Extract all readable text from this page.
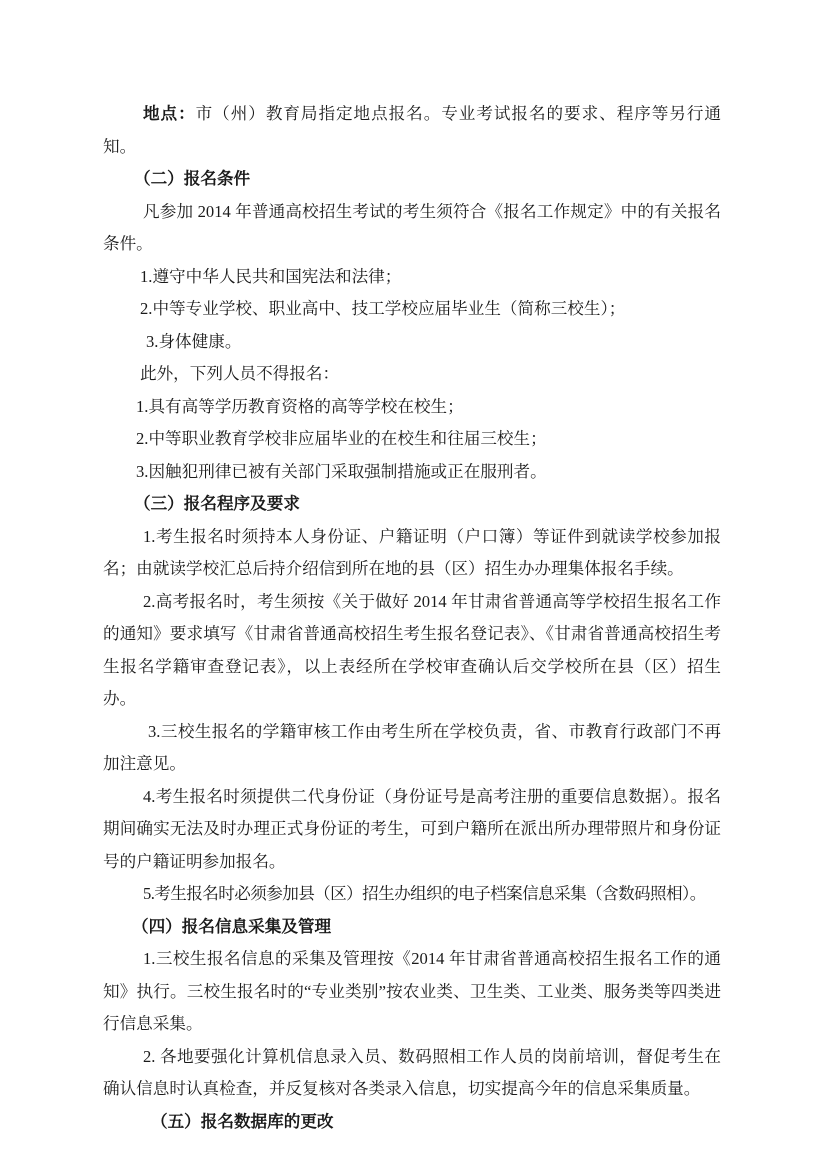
地点：市（州）教育局指定地点报名。专业考试报名的要求、程序等另行通知。

（二）报名条件

凡参加 2014 年普通高校招生考试的考生须符合《报名工作规定》中的有关报名条件。

1.遵守中华人民共和国宪法和法律；

2.中等专业学校、职业高中、技工学校应届毕业生（简称三校生）；

3.身体健康。

此外，下列人员不得报名：

1.具有高等学历教育资格的高等学校在校生；

2.中等职业教育学校非应届毕业的在校生和往届三校生；

3.因触犯刑律已被有关部门采取强制措施或正在服刑者。

（三）报名程序及要求

1.考生报名时须持本人身份证、户籍证明（户口簿）等证件到就读学校参加报名；由就读学校汇总后持介绍信到所在地的县（区）招生办办理集体报名手续。

2.高考报名时，考生须按《关于做好 2014 年甘肃省普通高等学校招生报名工作的通知》要求填写《甘肃省普通高校招生考生报名登记表》、《甘肃省普通高校招生考生报名学籍审查登记表》，以上表经所在学校审查确认后交学校所在县（区）招生办。

3.三校生报名的学籍审核工作由考生所在学校负责，省、市教育行政部门不再加注意见。

4.考生报名时须提供二代身份证（身份证号是高考注册的重要信息数据）。报名期间确实无法及时办理正式身份证的考生，可到户籍所在派出所办理带照片和身份证号的户籍证明参加报名。

5.考生报名时必须参加县（区）招生办组织的电子档案信息采集（含数码照相）。

（四）报名信息采集及管理

1.三校生报名信息的采集及管理按《2014 年甘肃省普通高校招生报名工作的通知》执行。三校生报名时的“专业类别”按农业类、卫生类、工业类、服务类等四类进行信息采集。

2. 各地要强化计算机信息录入员、数码照相工作人员的岗前培训，督促考生在确认信息时认真检查，并反复核对各类录入信息，切实提高今年的信息采集质量。

（五）报名数据库的更改
